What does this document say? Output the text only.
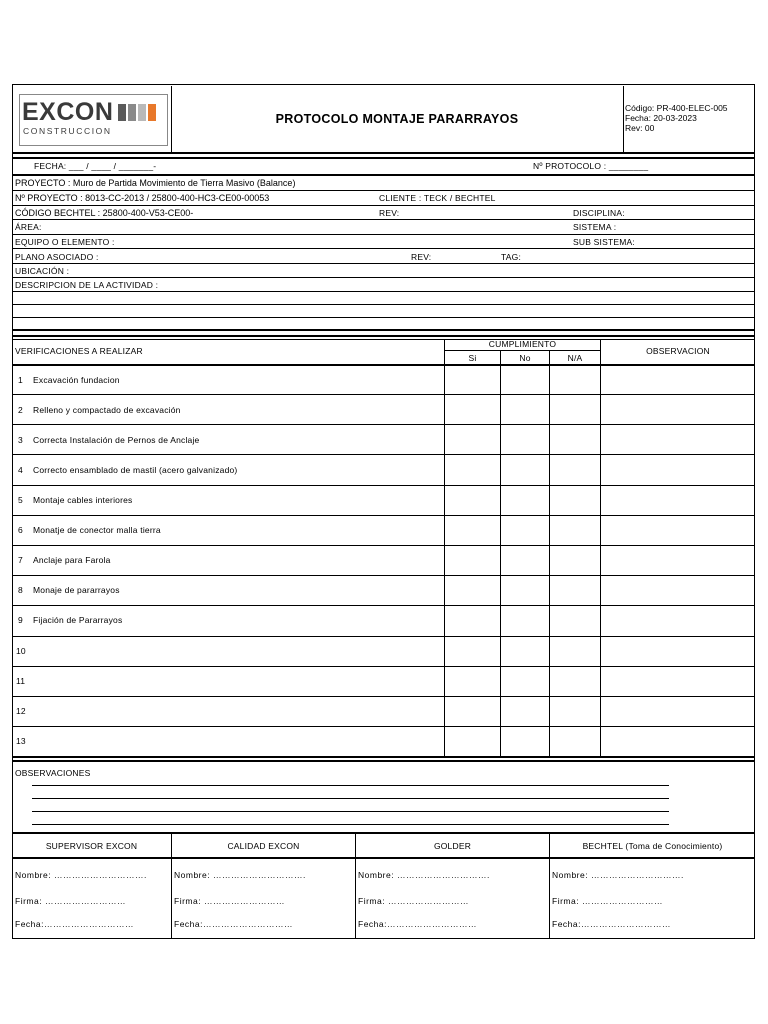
EXCON
CONSTRUCCION
PROTOCOLO MONTAJE PARARRAYOS
Código: PR-400-ELEC-005
Fecha: 20-03-2023
Rev: 00
FECHA: ___ / ____ / _______-	Nº PROTOCOLO : ________
PROYECTO : Muro de Partida Movimiento de Tierra Masivo (Balance)
Nº PROYECTO : 8013-CC-2013 / 25800-400-HC3-CE00-00053	CLIENTE : TECK / BECHTEL
CÓDIGO BECHTEL : 25800-400-V53-CE00-	REV:	DISCIPLINA:
ÁREA:	SISTEMA :
EQUIPO O ELEMENTO :	SUB SISTEMA:
PLANO ASOCIADO :	REV:	TAG:
UBICACIÓN :
DESCRIPCION DE LA ACTIVIDAD :
VERIFICACIONES A REALIZAR
CUMPLIMIENTO
Si	No	N/A
OBSERVACION
1 Excavación fundacion
2 Relleno y compactado de excavación
3 Correcta Instalación de Pernos de Anclaje
4 Correcto ensamblado de mastil (acero galvanizado)
5 Montaje cables interiores
6 Monatje de conector malla tierra
7 Anclaje para Farola
8 Monaje de pararrayos
9 Fijación de Pararrayos
10
11
12
13
OBSERVACIONES
SUPERVISOR EXCON	CALIDAD EXCON	GOLDER	BECHTEL (Toma de Conocimiento)
Nombre: ………………………….	Nombre: ………………………….	Nombre: ………………………….	Nombre: ………………………….
Firma: ………………………	Firma: ………………………	Firma: ………………………	Firma: ………………………
Fecha:…………………………	Fecha:…………………………	Fecha:…………………………	Fecha:…………………………
